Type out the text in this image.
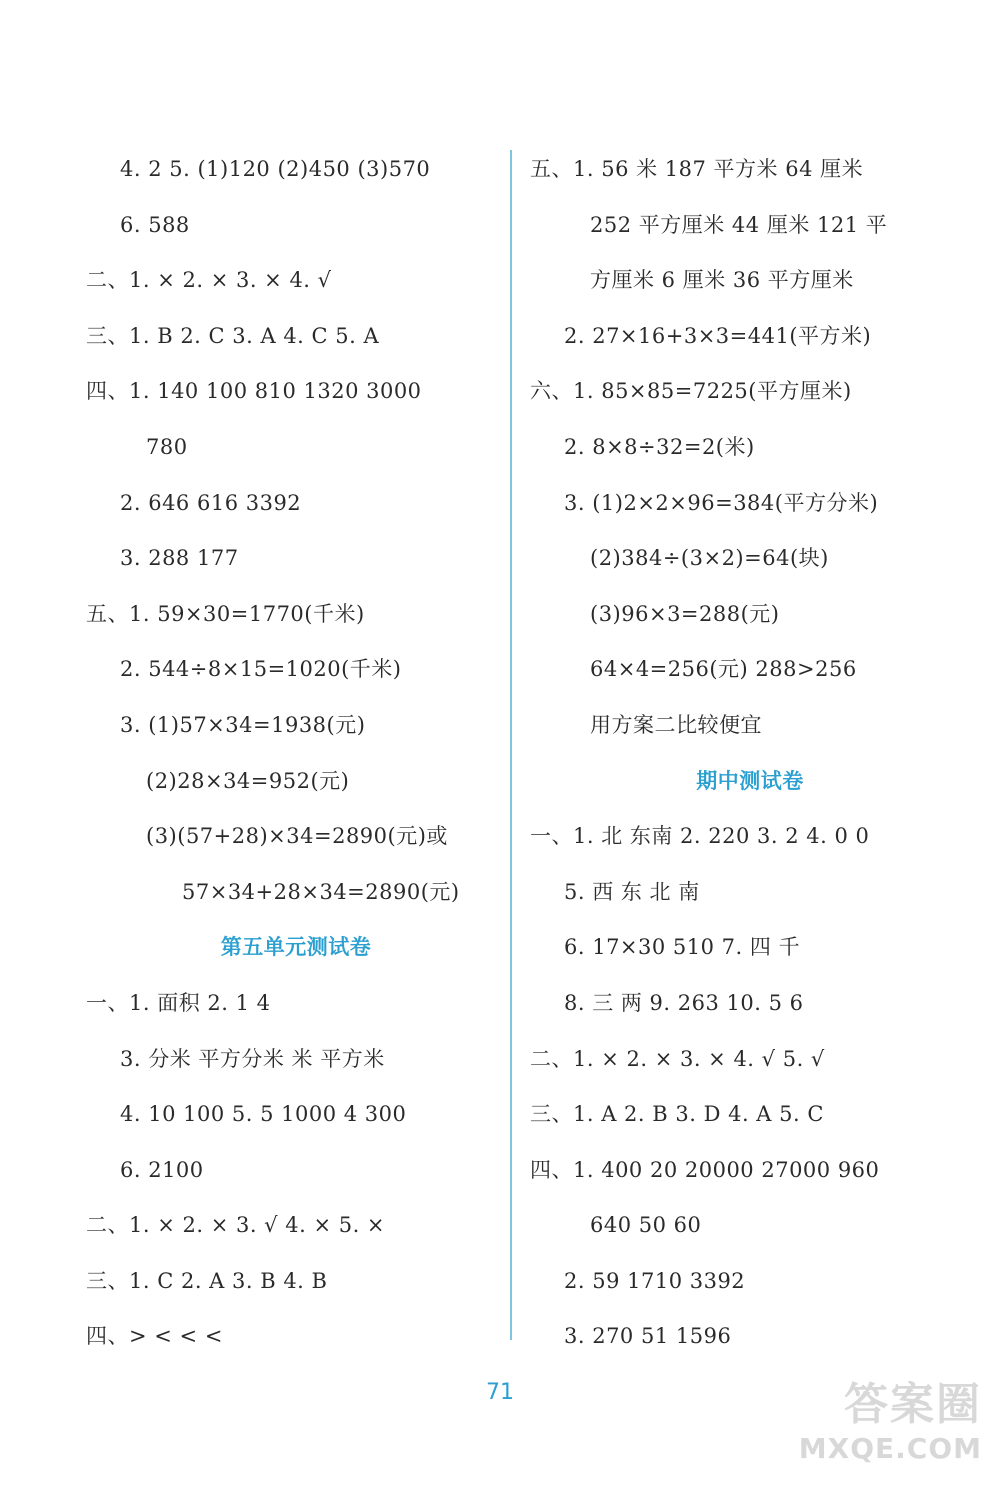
4. 2 5. (1)120 (2)450 (3)570
6. 588
二、1. × 2. × 3. × 4. √
三、1. B 2. C 3. A 4. C 5. A
四、1. 140 100 810 1320 3000
780
2. 646 616 3392
3. 288 177
五、1. 59×30=1770(千米)
2. 544÷8×15=1020(千米)
3. (1)57×34=1938(元)
(2)28×34=952(元)
(3)(57+28)×34=2890(元)或
57×34+28×34=2890(元)
第五单元测试卷
一、1. 面积 2. 1 4
3. 分米 平方分米 米 平方米
4. 10 100 5. 5 1000 4 300
6. 2100
二、1. × 2. × 3. √ 4. × 5. ×
三、1. C 2. A 3. B 4. B
四、> < < <
五、1. 56 米 187 平方米 64 厘米
252 平方厘米 44 厘米 121 平
方厘米 6 厘米 36 平方厘米
2. 27×16+3×3=441(平方米)
六、1. 85×85=7225(平方厘米)
2. 8×8÷32=2(米)
3. (1)2×2×96=384(平方分米)
(2)384÷(3×2)=64(块)
(3)96×3=288(元)
64×4=256(元) 288>256
用方案二比较便宜
期中测试卷
一、1. 北 东南 2. 220 3. 2 4. 0 0
5. 西 东 北 南
6. 17×30 510 7. 四 千
8. 三 两 9. 263 10. 5 6
二、1. × 2. × 3. × 4. √ 5. √
三、1. A 2. B 3. D 4. A 5. C
四、1. 400 20 20000 27000 960
640 50 60
2. 59 1710 3392
3. 270 51 1596
71	答案圈
MXQE.COM
